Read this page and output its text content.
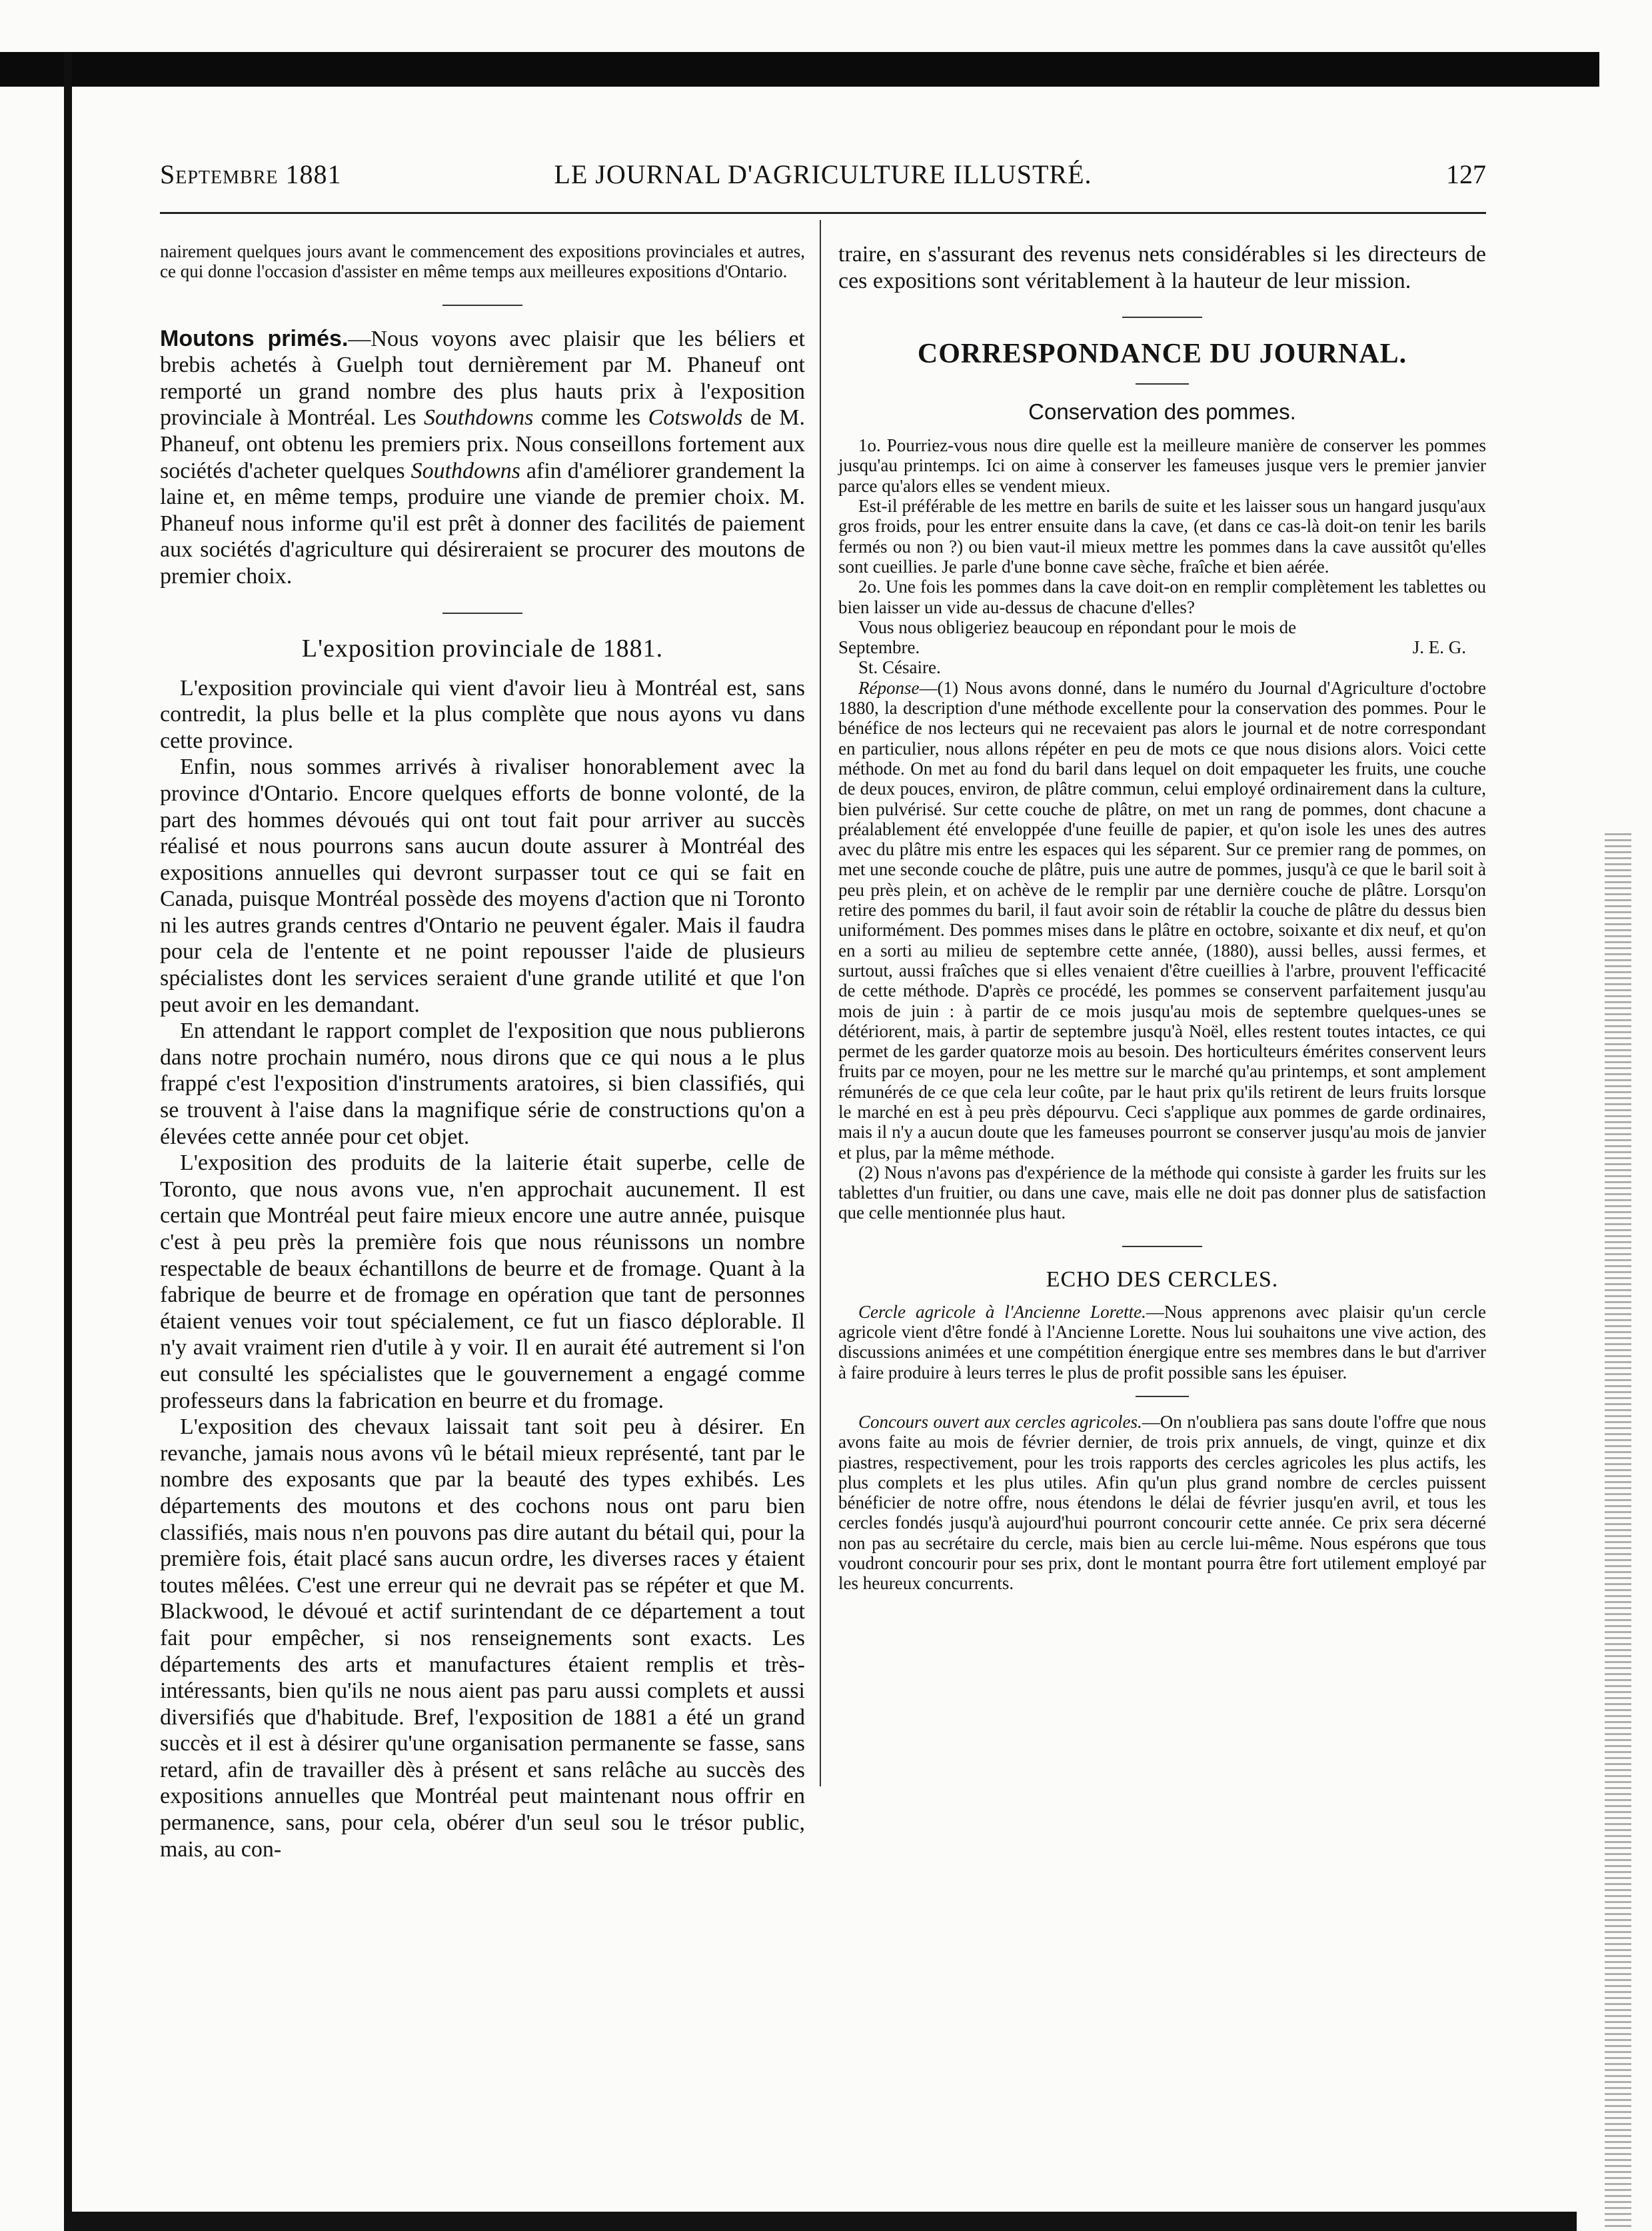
Septembre 1881	LE JOURNAL D'AGRICULTURE ILLUSTRÉ.	127

nairement quelques jours avant le commencement des expositions provinciales et autres, ce qui donne l'occasion d'assister en même temps aux meilleures expositions d'Ontario.

Moutons primés.—Nous voyons avec plaisir que les béliers et brebis achetés à Guelph tout dernièrement par M. Phaneuf ont remporté un grand nombre des plus hauts prix à l'exposition provinciale à Montréal. Les Southdowns comme les Cotswolds de M. Phaneuf, ont obtenu les premiers prix. Nous conseillons fortement aux sociétés d'acheter quelques Southdowns afin d'améliorer grandement la laine et, en même temps, produire une viande de premier choix. M. Phaneuf nous informe qu'il est prêt à donner des facilités de paiement aux sociétés d'agriculture qui désireraient se procurer des moutons de premier choix.

L'exposition provinciale de 1881.

L'exposition provinciale qui vient d'avoir lieu à Montréal est, sans contredit, la plus belle et la plus complète que nous ayons vu dans cette province.

Enfin, nous sommes arrivés à rivaliser honorablement avec la province d'Ontario. Encore quelques efforts de bonne volonté, de la part des hommes dévoués qui ont tout fait pour arriver au succès réalisé et nous pourrons sans aucun doute assurer à Montréal des expositions annuelles qui devront surpasser tout ce qui se fait en Canada, puisque Montréal possède des moyens d'action que ni Toronto ni les autres grands centres d'Ontario ne peuvent égaler. Mais il faudra pour cela de l'entente et ne point repousser l'aide de plusieurs spécialistes dont les services seraient d'une grande utilité et que l'on peut avoir en les demandant.

En attendant le rapport complet de l'exposition que nous publierons dans notre prochain numéro, nous dirons que ce qui nous a le plus frappé c'est l'exposition d'instruments aratoires, si bien classifiés, qui se trouvent à l'aise dans la magnifique série de constructions qu'on a élevées cette année pour cet objet.

L'exposition des produits de la laiterie était superbe, celle de Toronto, que nous avons vue, n'en approchait aucunement. Il est certain que Montréal peut faire mieux encore une autre année, puisque c'est à peu près la première fois que nous réunissons un nombre respectable de beaux échantillons de beurre et de fromage. Quant à la fabrique de beurre et de fromage en opération que tant de personnes étaient venues voir tout spécialement, ce fut un fiasco déplorable. Il n'y avait vraiment rien d'utile à y voir. Il en aurait été autrement si l'on eut consulté les spécialistes que le gouvernement a engagé comme professeurs dans la fabrication en beurre et du fromage.

L'exposition des chevaux laissait tant soit peu à désirer. En revanche, jamais nous avons vû le bétail mieux représenté, tant par le nombre des exposants que par la beauté des types exhibés. Les départements des moutons et des cochons nous ont paru bien classifiés, mais nous n'en pouvons pas dire autant du bétail qui, pour la première fois, était placé sans aucun ordre, les diverses races y étaient toutes mêlées. C'est une erreur qui ne devrait pas se répéter et que M. Blackwood, le dévoué et actif surintendant de ce département a tout fait pour empêcher, si nos renseignements sont exacts. Les départements des arts et manufactures étaient remplis et très-intéressants, bien qu'ils ne nous aient pas paru aussi complets et aussi diversifiés que d'habitude. Bref, l'exposition de 1881 a été un grand succès et il est à désirer qu'une organisation permanente se fasse, sans retard, afin de travailler dès à présent et sans relâche au succès des expositions annuelles que Montréal peut maintenant nous offrir en permanence, sans, pour cela, obérer d'un seul sou le trésor public, mais, au con-

traire, en s'assurant des revenus nets considérables si les directeurs de ces expositions sont véritablement à la hauteur de leur mission.

CORRESPONDANCE DU JOURNAL.

Conservation des pommes.

1o. Pourriez-vous nous dire quelle est la meilleure manière de conserver les pommes jusqu'au printemps. Ici on aime à conserver les fameuses jusque vers le premier janvier parce qu'alors elles se vendent mieux.

Est-il préférable de les mettre en barils de suite et les laisser sous un hangard jusqu'aux gros froids, pour les entrer ensuite dans la cave, (et dans ce cas-là doit-on tenir les barils fermés ou non ?) ou bien vaut-il mieux mettre les pommes dans la cave aussitôt qu'elles sont cueillies. Je parle d'une bonne cave sèche, fraîche et bien aérée.

2o. Une fois les pommes dans la cave doit-on en remplir complètement les tablettes ou bien laisser un vide au-dessus de chacune d'elles?

Vous nous obligeriez beaucoup en répondant pour le mois de

Septembre.	J. E. G.

St. Césaire.

Réponse—(1) Nous avons donné, dans le numéro du Journal d'Agriculture d'octobre 1880, la description d'une méthode excellente pour la conservation des pommes. Pour le bénéfice de nos lecteurs qui ne recevaient pas alors le journal et de notre correspondant en particulier, nous allons répéter en peu de mots ce que nous disions alors. Voici cette méthode. On met au fond du baril dans lequel on doit empaqueter les fruits, une couche de deux pouces, environ, de plâtre commun, celui employé ordinairement dans la culture, bien pulvérisé. Sur cette couche de plâtre, on met un rang de pommes, dont chacune a préalablement été enveloppée d'une feuille de papier, et qu'on isole les unes des autres avec du plâtre mis entre les espaces qui les séparent. Sur ce premier rang de pommes, on met une seconde couche de plâtre, puis une autre de pommes, jusqu'à ce que le baril soit à peu près plein, et on achève de le remplir par une dernière couche de plâtre. Lorsqu'on retire des pommes du baril, il faut avoir soin de rétablir la couche de plâtre du dessus bien uniformément. Des pommes mises dans le plâtre en octobre, soixante et dix neuf, et qu'on en a sorti au milieu de septembre cette année, (1880), aussi belles, aussi fermes, et surtout, aussi fraîches que si elles venaient d'être cueillies à l'arbre, prouvent l'efficacité de cette méthode. D'après ce procédé, les pommes se conservent parfaitement jusqu'au mois de juin : à partir de ce mois jusqu'au mois de septembre quelques-unes se détériorent, mais, à partir de septembre jusqu'à Noël, elles restent toutes intactes, ce qui permet de les garder quatorze mois au besoin. Des horticulteurs émérites conservent leurs fruits par ce moyen, pour ne les mettre sur le marché qu'au printemps, et sont amplement rémunérés de ce que cela leur coûte, par le haut prix qu'ils retirent de leurs fruits lorsque le marché en est à peu près dépourvu. Ceci s'applique aux pommes de garde ordinaires, mais il n'y a aucun doute que les fameuses pourront se conserver jusqu'au mois de janvier et plus, par la même méthode.

(2) Nous n'avons pas d'expérience de la méthode qui consiste à garder les fruits sur les tablettes d'un fruitier, ou dans une cave, mais elle ne doit pas donner plus de satisfaction que celle mentionnée plus haut.

ECHO DES CERCLES.

Cercle agricole à l'Ancienne Lorette.—Nous apprenons avec plaisir qu'un cercle agricole vient d'être fondé à l'Ancienne Lorette. Nous lui souhaitons une vive action, des discussions animées et une compétition énergique entre ses membres dans le but d'arriver à faire produire à leurs terres le plus de profit possible sans les épuiser.

Concours ouvert aux cercles agricoles.—On n'oubliera pas sans doute l'offre que nous avons faite au mois de février dernier, de trois prix annuels, de vingt, quinze et dix piastres, respectivement, pour les trois rapports des cercles agricoles les plus actifs, les plus complets et les plus utiles. Afin qu'un plus grand nombre de cercles puissent bénéficier de notre offre, nous étendons le délai de février jusqu'en avril, et tous les cercles fondés jusqu'à aujourd'hui pourront concourir cette année. Ce prix sera décerné non pas au secrétaire du cercle, mais bien au cercle lui-même. Nous espérons que tous voudront concourir pour ses prix, dont le montant pourra être fort utilement employé par les heureux concurrents.
